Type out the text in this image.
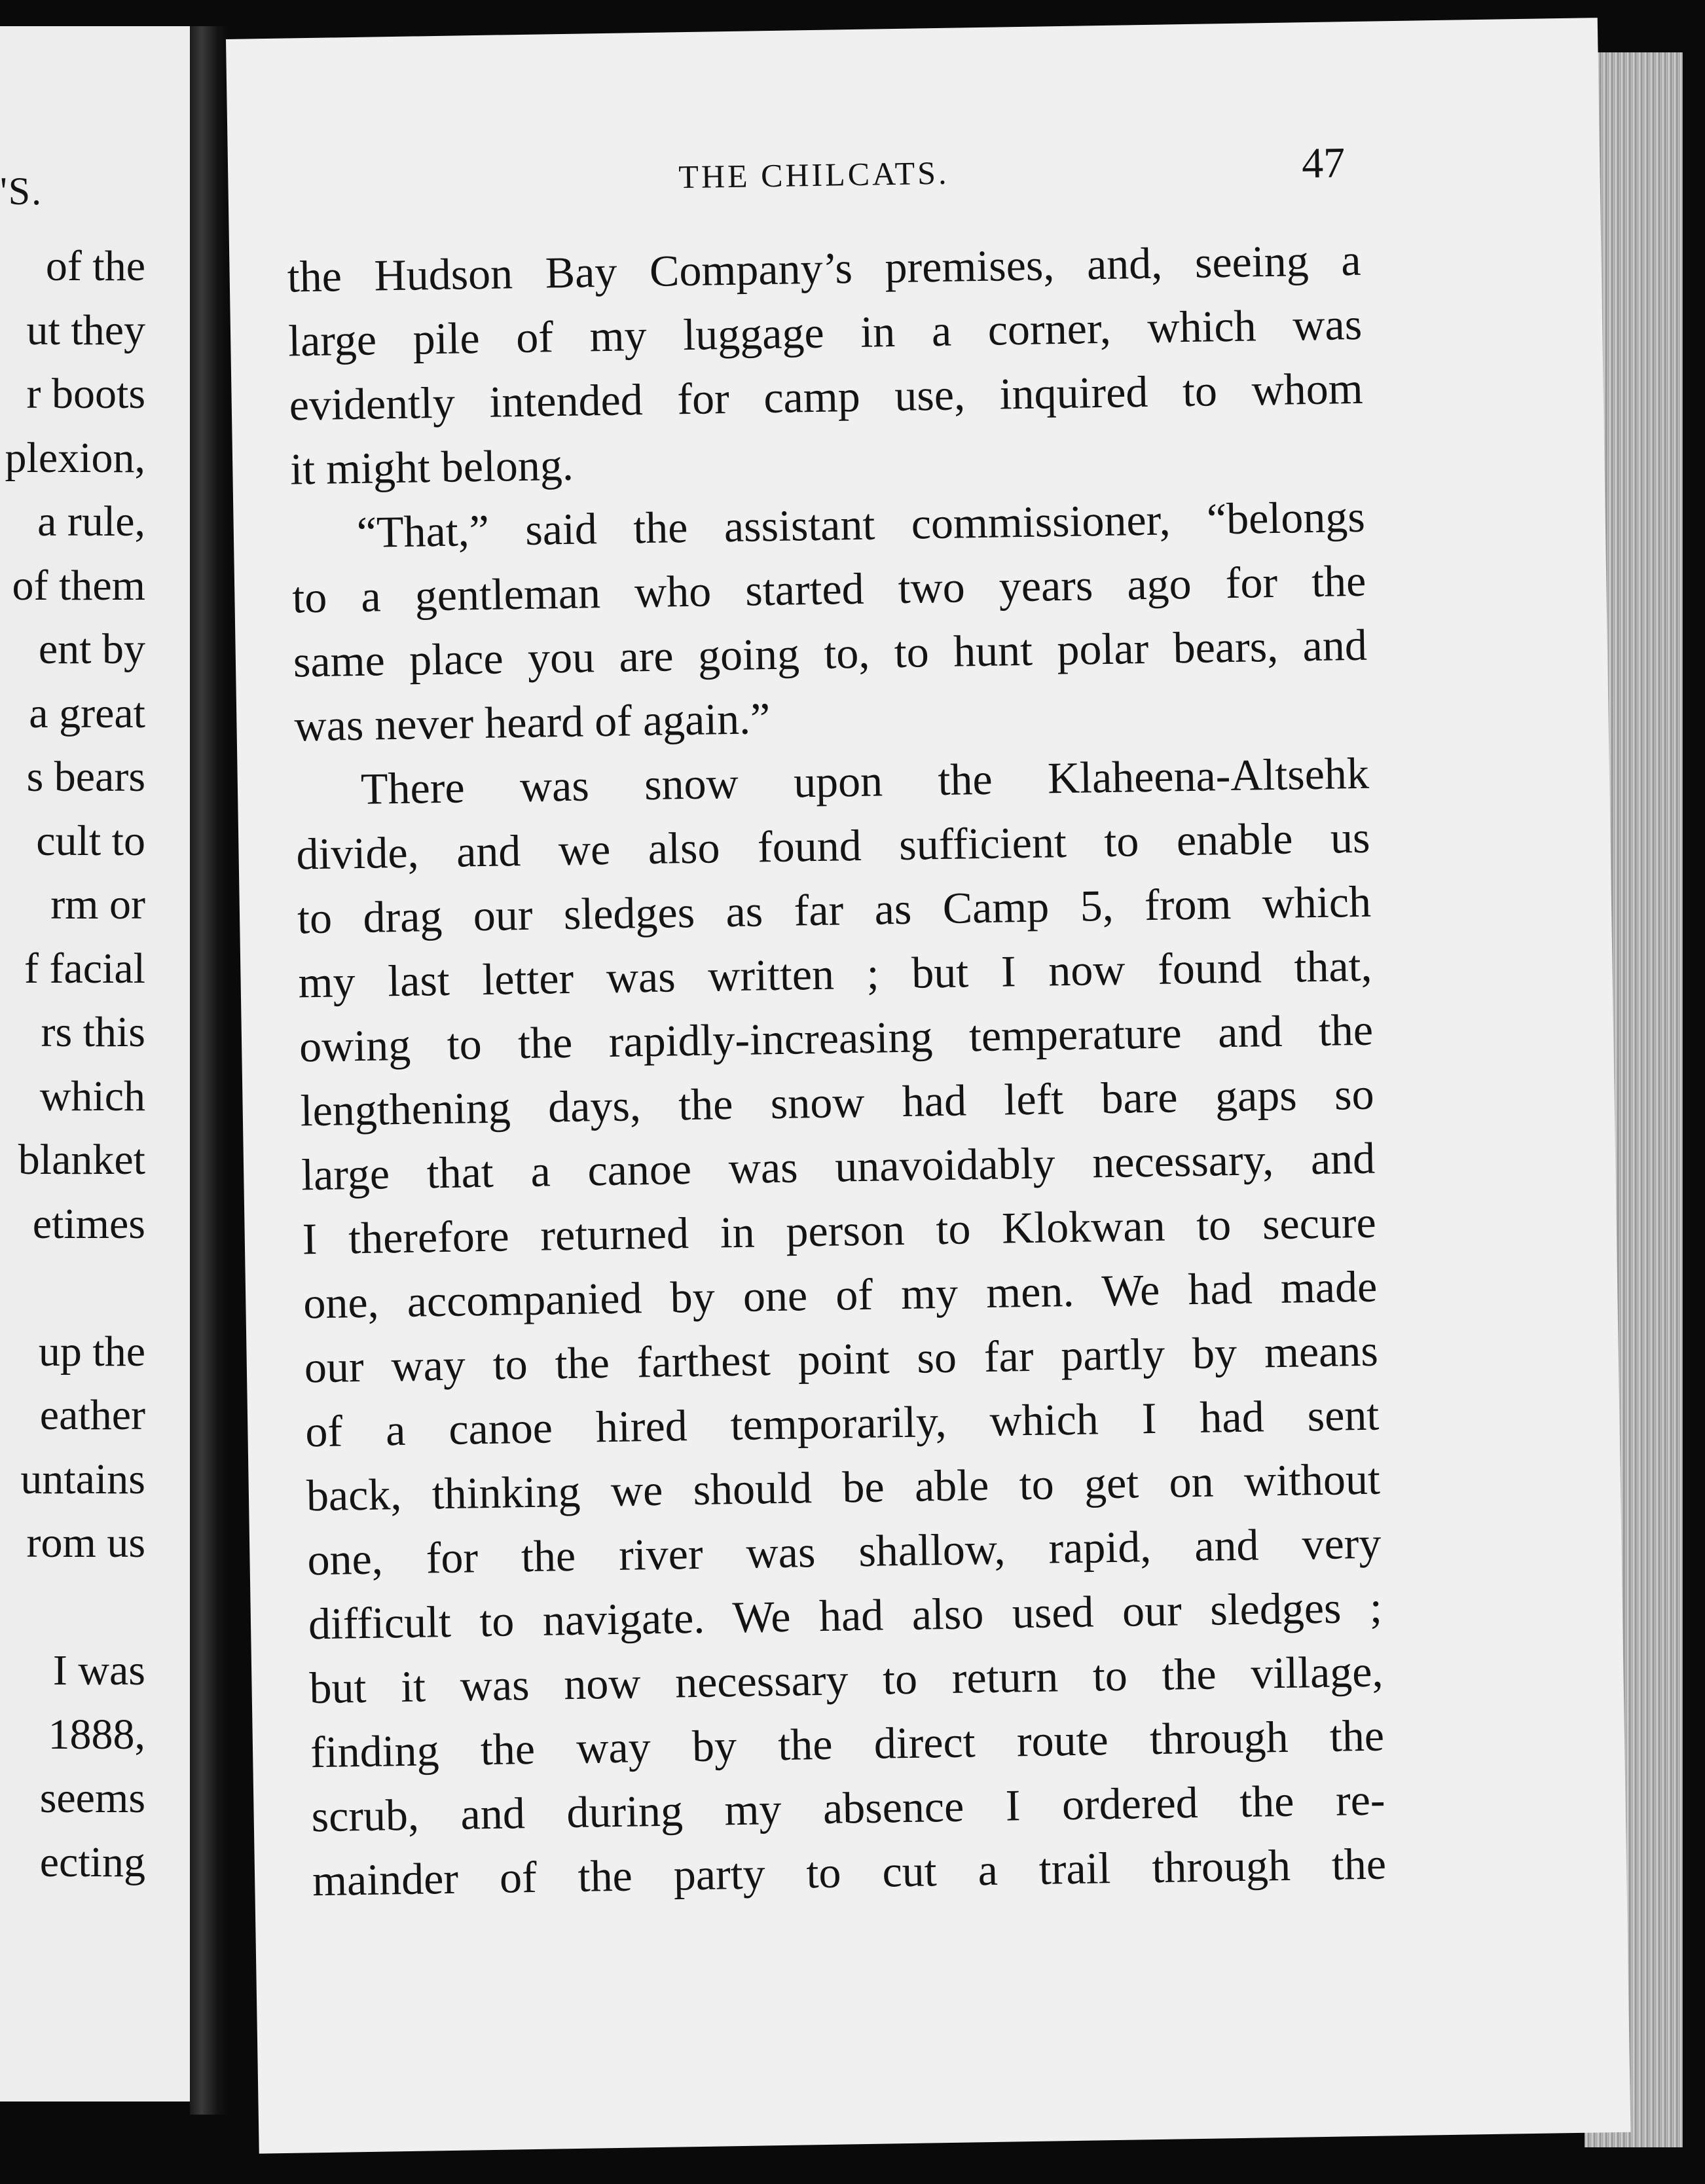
'S.
of the
ut they
r boots
plexion,
a rule,
of them
ent by
a great
s bears
cult to
rm or
f facial
rs this
which
blanket
etimes
up the
eather
untains
rom us
I was
1888,
seems
ecting
THE CHILCATS.	47
the Hudson Bay Company’s premises, and, seeing a
large pile of my luggage in a corner, which was
evidently intended for camp use, inquired to whom
it might belong.
“That,” said the assistant commissioner, “belongs
to a gentleman who started two years ago for the
same place you are going to, to hunt polar bears, and
was never heard of again.”
There was snow upon the Klaheena-Altsehk
divide, and we also found sufficient to enable us
to drag our sledges as far as Camp 5, from which
my last letter was written ; but I now found that,
owing to the rapidly-increasing temperature and the
lengthening days, the snow had left bare gaps so
large that a canoe was unavoidably necessary, and
I therefore returned in person to Klokwan to secure
one, accompanied by one of my men. We had made
our way to the farthest point so far partly by means
of a canoe hired temporarily, which I had sent
back, thinking we should be able to get on without
one, for the river was shallow, rapid, and very
difficult to navigate. We had also used our sledges ;
but it was now necessary to return to the village,
finding the way by the direct route through the
scrub, and during my absence I ordered the re-
mainder of the party to cut a trail through the
